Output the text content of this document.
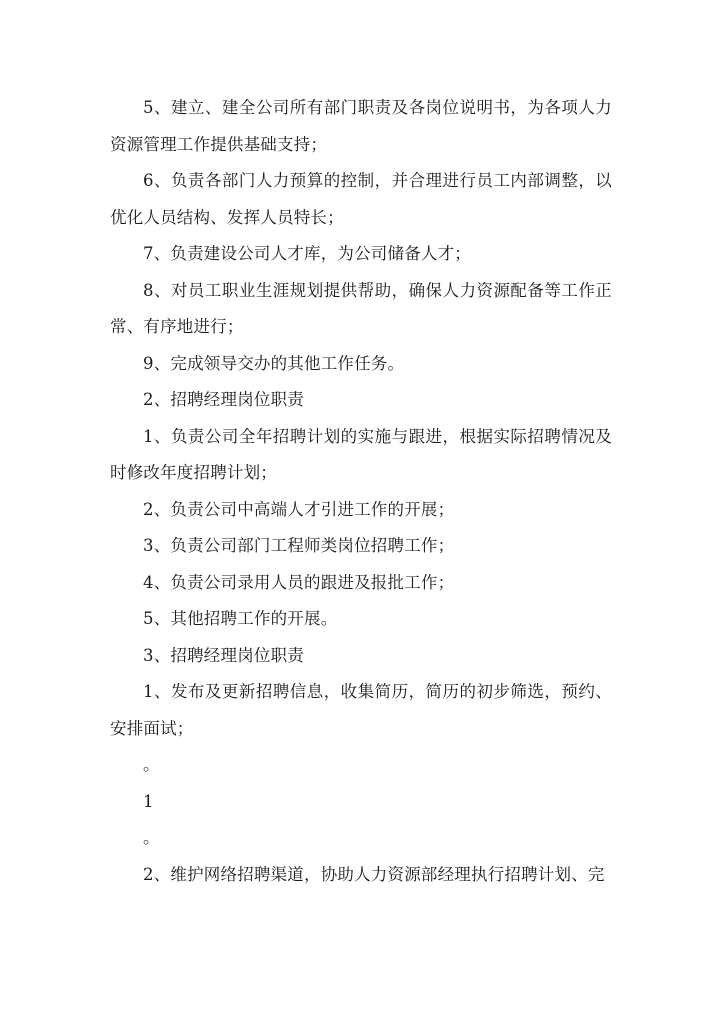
5、建立、建全公司所有部门职责及各岗位说明书，为各项人力资源管理工作提供基础支持；

6、负责各部门人力预算的控制，并合理进行员工内部调整，以优化人员结构、发挥人员特长；

7、负责建设公司人才库，为公司储备人才；

8、对员工职业生涯规划提供帮助，确保人力资源配备等工作正常、有序地进行；

9、完成领导交办的其他工作任务。

2、招聘经理岗位职责

1、负责公司全年招聘计划的实施与跟进，根据实际招聘情况及时修改年度招聘计划；

2、负责公司中高端人才引进工作的开展；

3、负责公司部门工程师类岗位招聘工作；

4、负责公司录用人员的跟进及报批工作；

5、其他招聘工作的开展。

3、招聘经理岗位职责

1、发布及更新招聘信息，收集简历，简历的初步筛选，预约、安排面试；

。

1

。

2、维护网络招聘渠道，协助人力资源部经理执行招聘计划、完
